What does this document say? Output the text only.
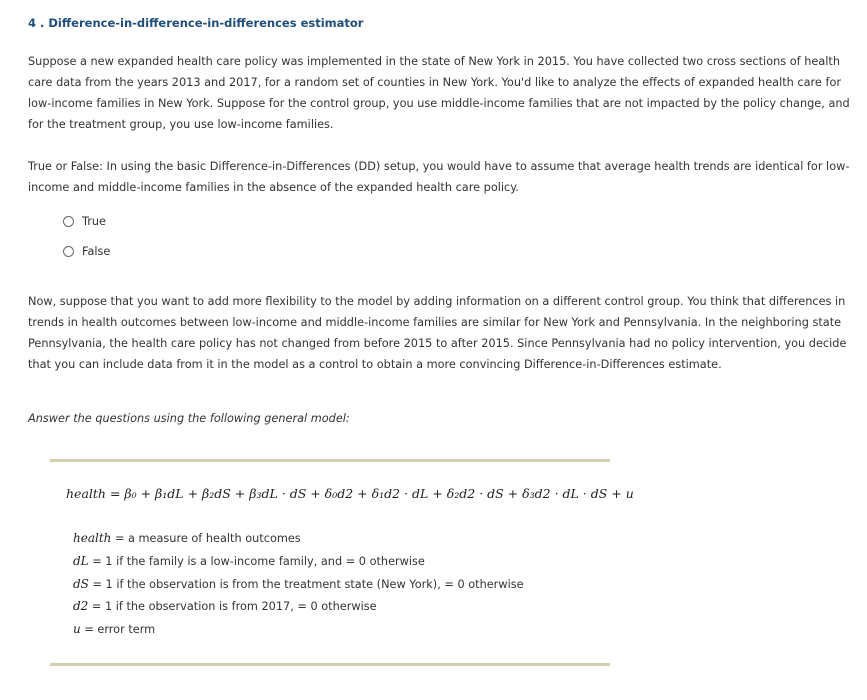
4 . Difference-in-difference-in-differences estimator

Suppose a new expanded health care policy was implemented in the state of New York in 2015. You have collected two cross sections of health care data from the years 2013 and 2017, for a random set of counties in New York. You'd like to analyze the effects of expanded health care for low-income families in New York. Suppose for the control group, you use middle-income families that are not impacted by the policy change, and for the treatment group, you use low-income families.

True or False: In using the basic Difference-in-Differences (DD) setup, you would have to assume that average health trends are identical for low-income and middle-income families in the absence of the expanded health care policy.

True
False

Now, suppose that you want to add more flexibility to the model by adding information on a different control group. You think that differences in trends in health outcomes between low-income and middle-income families are similar for New York and Pennsylvania. In the neighboring state Pennsylvania, the health care policy has not changed from before 2015 to after 2015. Since Pennsylvania had no policy intervention, you decide that you can include data from it in the model as a control to obtain a more convincing Difference-in-Differences estimate.

Answer the questions using the following general model:

health = β₀ + β₁dL + β₂dS + β₃dL · dS + δ₀d2 + δ₁d2 · dL + δ₂d2 · dS + δ₃d2 · dL · dS + u
health = a measure of health outcomes
dL = 1 if the family is a low-income family, and = 0 otherwise
dS = 1 if the observation is from the treatment state (New York), = 0 otherwise
d2 = 1 if the observation is from 2017, = 0 otherwise
u = error term
